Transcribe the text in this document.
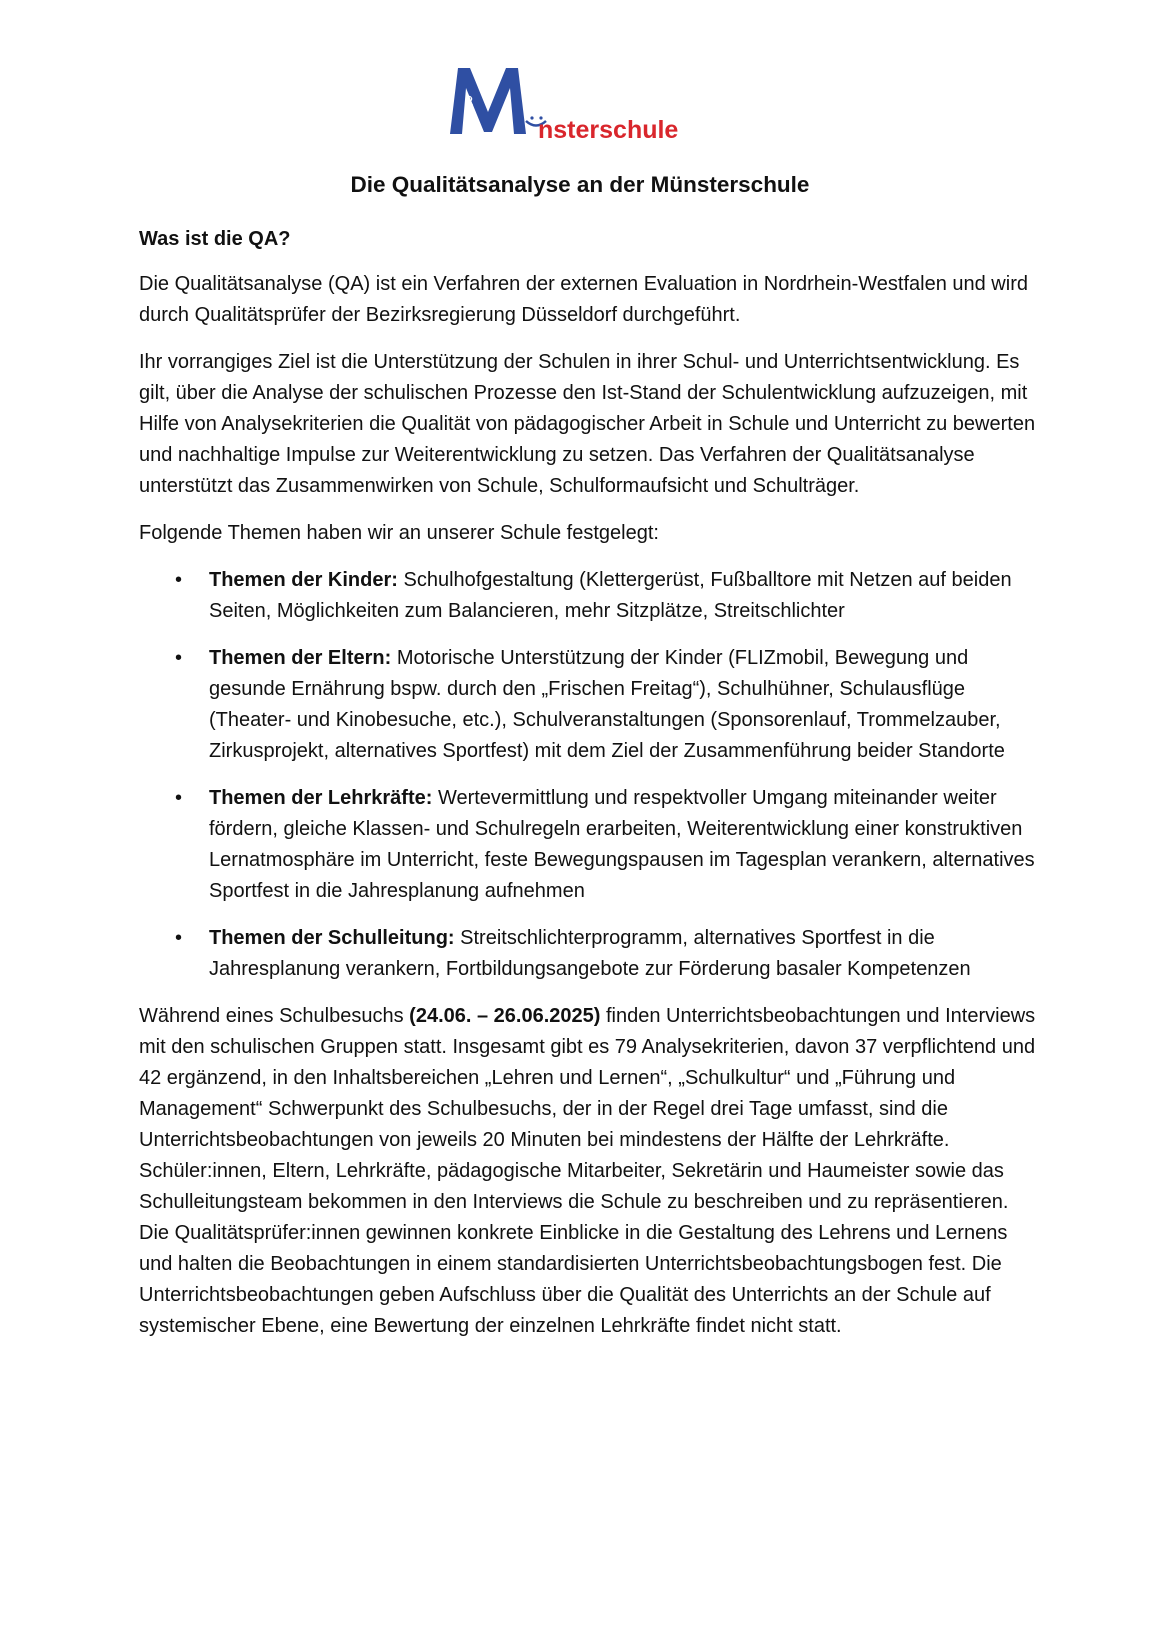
nsterschule
Die Qualitätsanalyse an der Münsterschule

Was ist die QA?

Die Qualitätsanalyse (QA) ist ein Verfahren der externen Evaluation in Nordrhein-Westfalen und wird durch Qualitätsprüfer der Bezirksregierung Düsseldorf durchgeführt.

Ihr vorrangiges Ziel ist die Unterstützung der Schulen in ihrer Schul- und Unterrichtsentwicklung. Es gilt, über die Analyse der schulischen Prozesse den Ist-Stand der Schulentwicklung aufzuzeigen, mit Hilfe von Analysekriterien die Qualität von pädagogischer Arbeit in Schule und Unterricht zu bewerten und nachhaltige Impulse zur Weiterentwicklung zu setzen. Das Verfahren der Qualitätsanalyse unterstützt das Zusammenwirken von Schule, Schulformaufsicht und Schulträger.

Folgende Themen haben wir an unserer Schule festgelegt:

• Themen der Kinder: Schulhofgestaltung (Klettergerüst, Fußballtore mit Netzen auf beiden Seiten, Möglichkeiten zum Balancieren, mehr Sitzplätze, Streitschlichter
• Themen der Eltern: Motorische Unterstützung der Kinder (FLIZmobil, Bewegung und gesunde Ernährung bspw. durch den „Frischen Freitag“), Schulhühner, Schulausflüge (Theater- und Kinobesuche, etc.), Schulveranstaltungen (Sponsorenlauf, Trommelzauber, Zirkusprojekt, alternatives Sportfest) mit dem Ziel der Zusammenführung beider Standorte
• Themen der Lehrkräfte: Wertevermittlung und respektvoller Umgang miteinander weiter fördern, gleiche Klassen- und Schulregeln erarbeiten, Weiterentwicklung einer konstruktiven Lernatmosphäre im Unterricht, feste Bewegungspausen im Tagesplan verankern, alternatives Sportfest in die Jahresplanung aufnehmen
• Themen der Schulleitung: Streitschlichterprogramm, alternatives Sportfest in die Jahresplanung verankern, Fortbildungsangebote zur Förderung basaler Kompetenzen

Während eines Schulbesuchs (24.06. – 26.06.2025) finden Unterrichtsbeobachtungen und Interviews mit den schulischen Gruppen statt. Insgesamt gibt es 79 Analysekriterien, davon 37 verpflichtend und 42 ergänzend, in den Inhaltsbereichen „Lehren und Lernen“, „Schulkultur“ und „Führung und Management“ Schwerpunkt des Schulbesuchs, der in der Regel drei Tage umfasst, sind die Unterrichtsbeobachtungen von jeweils 20 Minuten bei mindestens der Hälfte der Lehrkräfte.

Schüler:innen, Eltern, Lehrkräfte, pädagogische Mitarbeiter, Sekretärin und Haumeister sowie das Schulleitungsteam bekommen in den Interviews die Schule zu beschreiben und zu repräsentieren.

Die Qualitätsprüfer:innen gewinnen konkrete Einblicke in die Gestaltung des Lehrens und Lernens und halten die Beobachtungen in einem standardisierten Unterrichtsbeobachtungsbogen fest. Die Unterrichtsbeobachtungen geben Aufschluss über die Qualität des Unterrichts an der Schule auf systemischer Ebene, eine Bewertung der einzelnen Lehrkräfte findet nicht statt.
